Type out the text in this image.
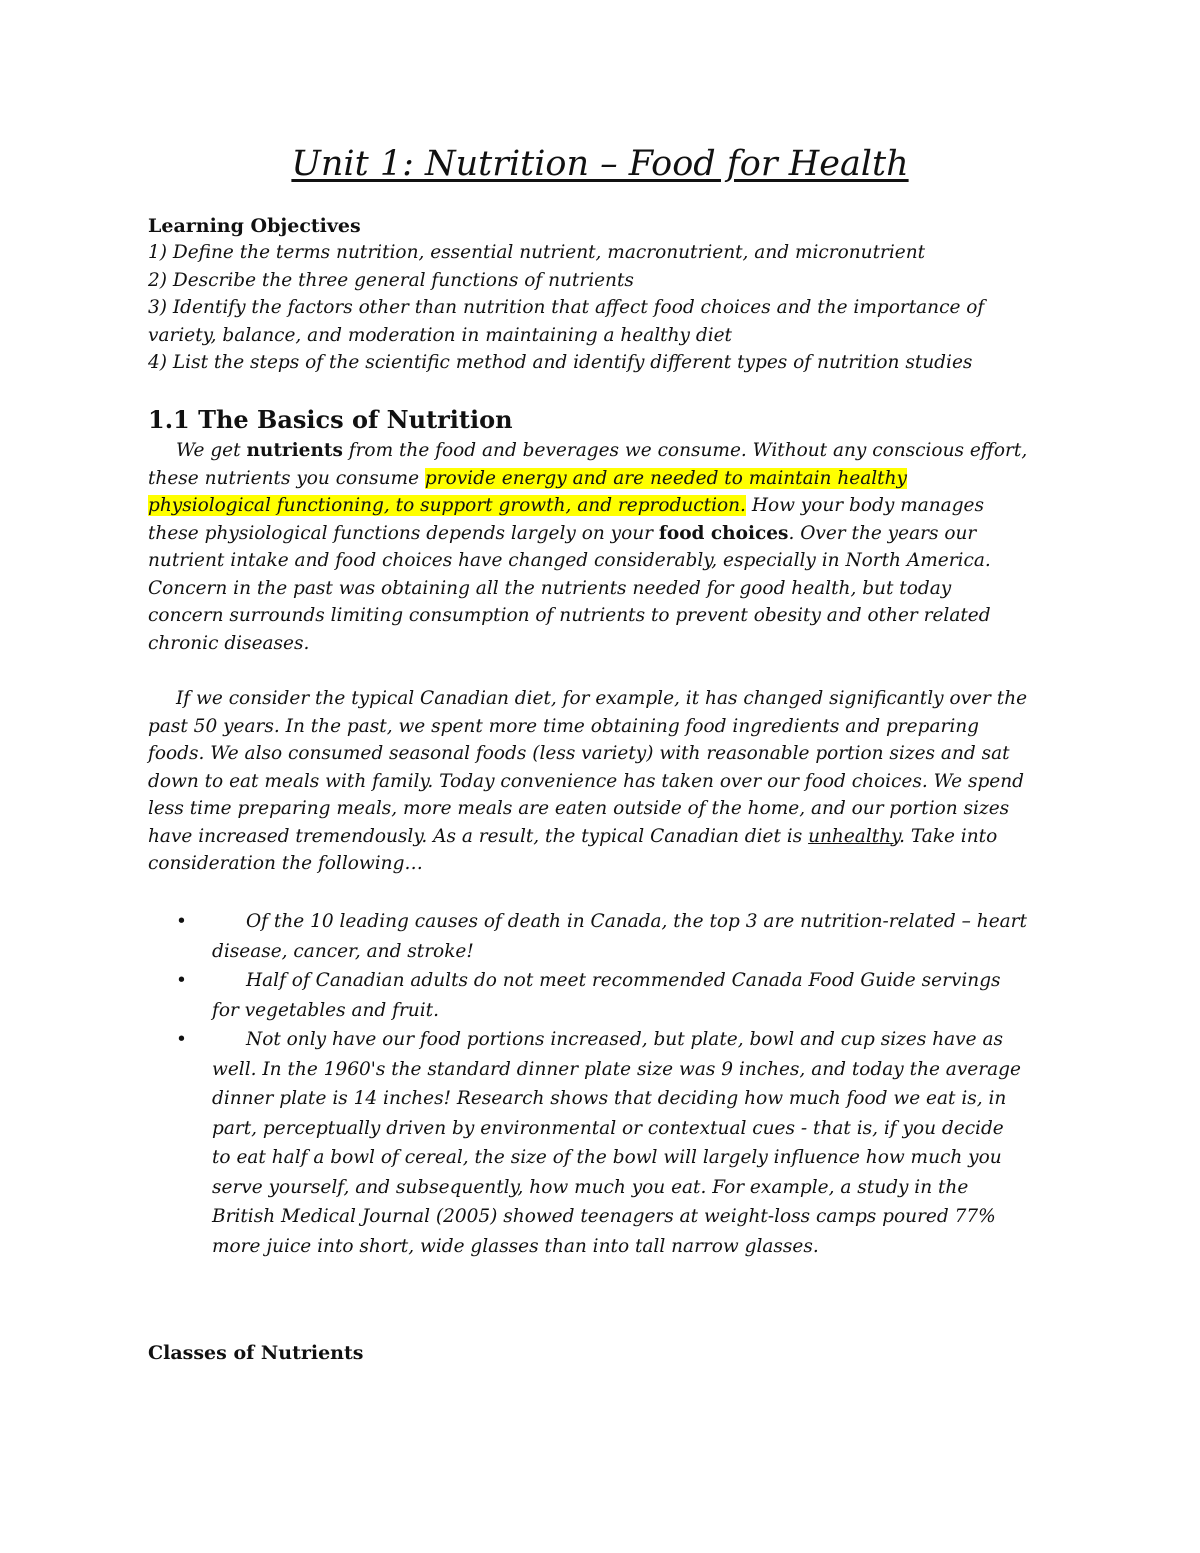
Unit 1: Nutrition – Food for Health
Learning Objectives
1) Define the terms nutrition, essential nutrient, macronutrient, and micronutrient
2) Describe the three general functions of nutrients
3) Identify the factors other than nutrition that affect food choices and the importance of variety, balance, and moderation in maintaining a healthy diet
4) List the steps of the scientific method and identify different types of nutrition studies
1.1 The Basics of Nutrition

We get nutrients from the food and beverages we consume. Without any conscious effort, these nutrients you consume provide energy and are needed to maintain healthy physiological functioning, to support growth, and reproduction. How your body manages these physiological functions depends largely on your food choices. Over the years our nutrient intake and food choices have changed considerably, especially in North America. Concern in the past was obtaining all the nutrients needed for good health, but today concern surrounds limiting consumption of nutrients to prevent obesity and other related chronic diseases.

If we consider the typical Canadian diet, for example, it has changed significantly over the past 50 years. In the past, we spent more time obtaining food ingredients and preparing foods. We also consumed seasonal foods (less variety) with reasonable portion sizes and sat down to eat meals with family. Today convenience has taken over our food choices. We spend less time preparing meals, more meals are eaten outside of the home, and our portion sizes have increased tremendously. As a result, the typical Canadian diet is unhealthy. Take into consideration the following…

•	Of the 10 leading causes of death in Canada, the top 3 are nutrition-related – heart disease, cancer, and stroke!
•	Half of Canadian adults do not meet recommended Canada Food Guide servings for vegetables and fruit.
•	Not only have our food portions increased, but plate, bowl and cup sizes have as well. In the 1960's the standard dinner plate size was 9 inches, and today the average dinner plate is 14 inches! Research shows that deciding how much food we eat is, in part, perceptually driven by environmental or contextual cues - that is, if you decide to eat half a bowl of cereal, the size of the bowl will largely influence how much you serve yourself, and subsequently, how much you eat. For example, a study in the British Medical Journal (2005) showed teenagers at weight-loss camps poured 77% more juice into short, wide glasses than into tall narrow glasses.
Classes of Nutrients
